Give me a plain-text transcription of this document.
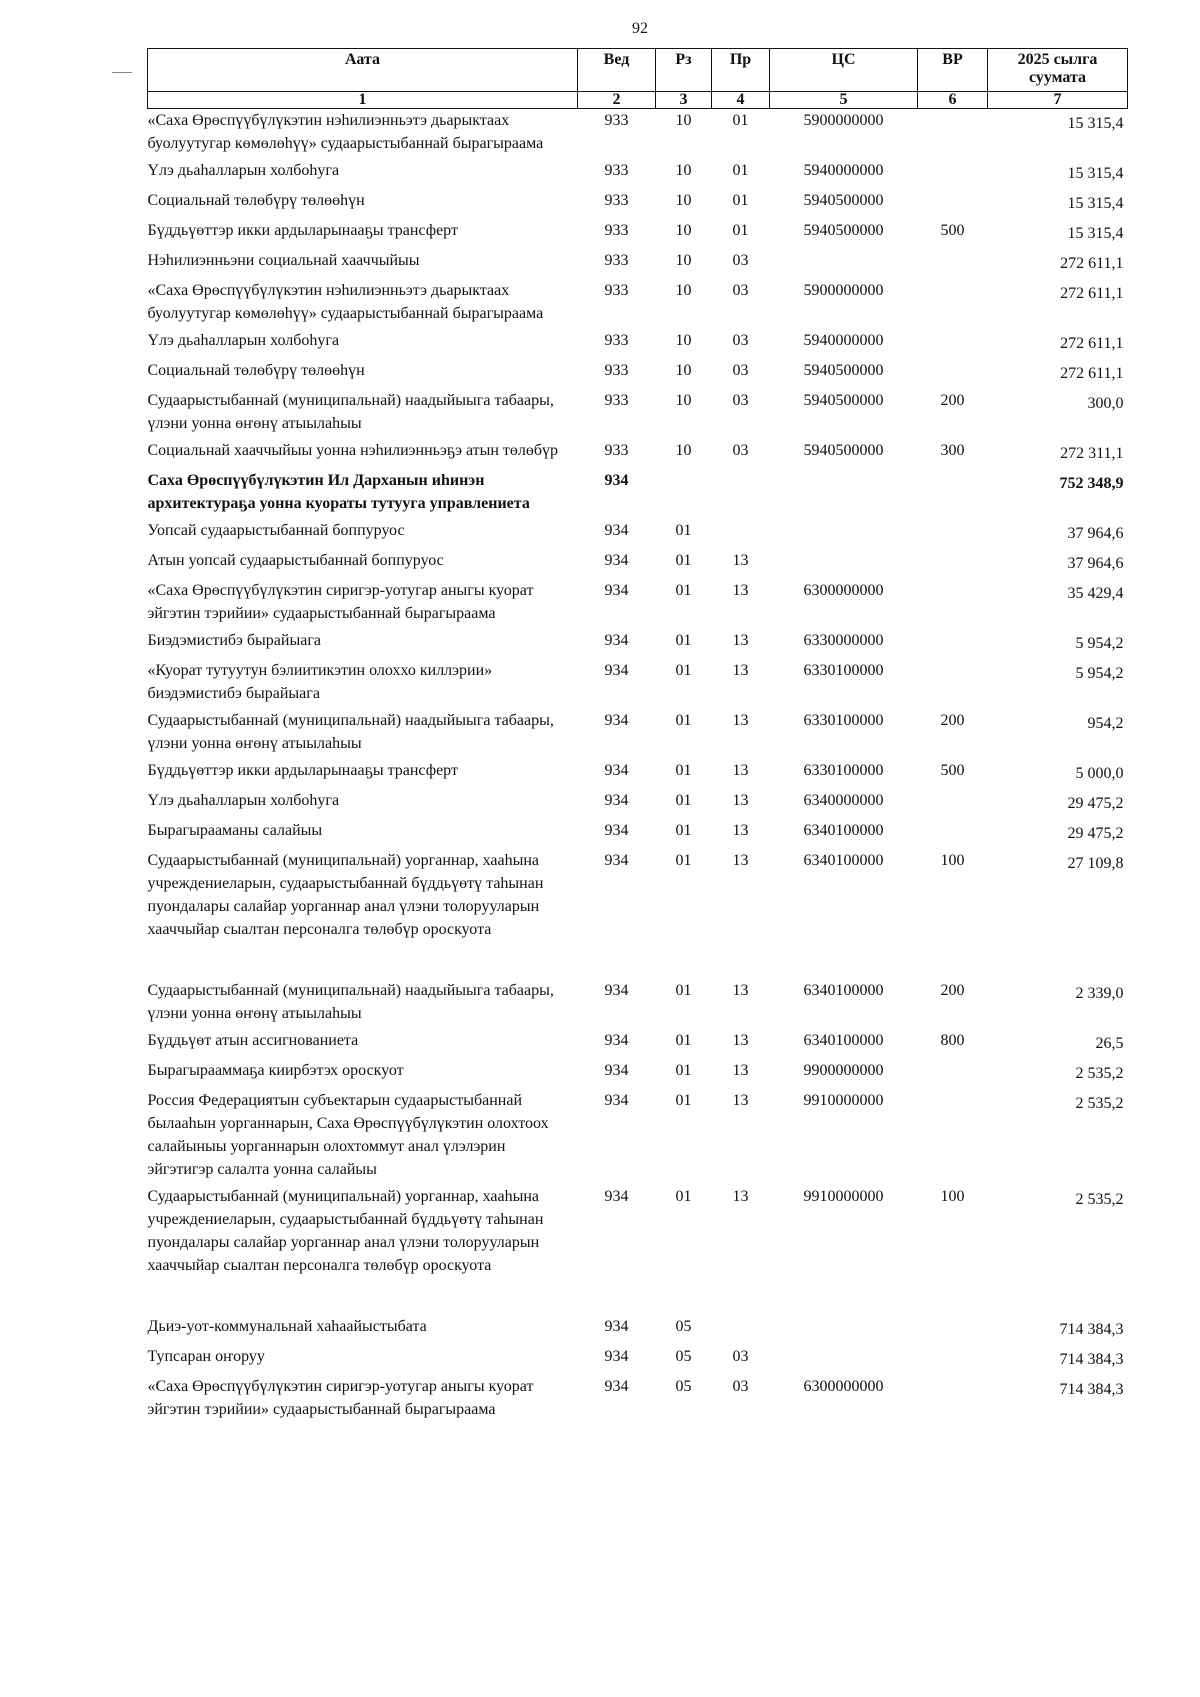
92
Аата	Вед	Рз	Пр	ЦС	ВР	2025 сылга суумата
1	2	3	4	5	6	7
«Саха Өрөспүүбүлүкэтин нэһилиэнньэтэ дьарыктаах буолуутугар көмөлөһүү» судаарыстыбаннай бырагыраама	933	10	01	5900000000		15 315,4
Үлэ дьаһалларын холбоһуга	933	10	01	5940000000		15 315,4
Социальнай төлөбүрү төлөөһүн	933	10	01	5940500000		15 315,4
Бүддьүөттэр икки ардыларынааҕы трансферт	933	10	01	5940500000	500	15 315,4
Нэһилиэнньэни социальнай хааччыйыы	933	10	03			272 611,1
«Саха Өрөспүүбүлүкэтин нэһилиэнньэтэ дьарыктаах буолуутугар көмөлөһүү» судаарыстыбаннай бырагыраама	933	10	03	5900000000		272 611,1
Үлэ дьаһалларын холбоһуга	933	10	03	5940000000		272 611,1
Социальнай төлөбүрү төлөөһүн	933	10	03	5940500000		272 611,1
Судаарыстыбаннай (муниципальнай) наадыйыыга табаары, үлэни уонна өҥөнү атыылаһыы	933	10	03	5940500000	200	300,0
Социальнай хааччыйыы уонна нэһилиэнньэҕэ атын төлөбүр	933	10	03	5940500000	300	272 311,1
Саха Өрөспүүбүлүкэтин Ил Дарханын иһинэн архитектураҕа уонна куораты тутууга управлениета	934					752 348,9
Уопсай судаарыстыбаннай боппуруос	934	01				37 964,6
Атын уопсай судаарыстыбаннай боппуруос	934	01	13			37 964,6
«Саха Өрөспүүбүлүкэтин сиригэр-уотугар аныгы куорат эйгэтин тэрийии» судаарыстыбаннай бырагыраама	934	01	13	6300000000		35 429,4
Биэдэмистибэ бырайыага	934	01	13	6330000000		5 954,2
«Куорат тутуутун бэлиитикэтин олоххо киллэрии» биэдэмистибэ бырайыага	934	01	13	6330100000		5 954,2
Судаарыстыбаннай (муниципальнай) наадыйыыга табаары, үлэни уонна өҥөнү атыылаһыы	934	01	13	6330100000	200	954,2
Бүддьүөттэр икки ардыларынааҕы трансферт	934	01	13	6330100000	500	5 000,0
Үлэ дьаһалларын холбоһуга	934	01	13	6340000000		29 475,2
Бырагырааманы салайыы	934	01	13	6340100000		29 475,2
Судаарыстыбаннай (муниципальнай) уорганнар, хааһына учреждениеларын, судаарыстыбаннай бүддьүөтү таһынан пуондалары салайар уорганнар анал үлэни толорууларын хааччыйар сыалтан персоналга төлөбүр ороскуота	934	01	13	6340100000	100	27 109,8
Судаарыстыбаннай (муниципальнай) наадыйыыга табаары, үлэни уонна өҥөнү атыылаһыы	934	01	13	6340100000	200	2 339,0
Бүддьүөт атын ассигнованиета	934	01	13	6340100000	800	26,5
Бырагырааммаҕа киирбэтэх ороскуот	934	01	13	9900000000		2 535,2
Россия Федерациятын субъектарын судаарыстыбаннай былааһын уорганнарын, Саха Өрөспүүбүлүкэтин олохтоох салайыныы уорганнарын олохтоммут анал үлэлэрин эйгэтигэр салалта уонна салайыы	934	01	13	9910000000		2 535,2
Судаарыстыбаннай (муниципальнай) уорганнар, хааһына учреждениеларын, судаарыстыбаннай бүддьүөтү таһынан пуондалары салайар уорганнар анал үлэни толорууларын хааччыйар сыалтан персоналга төлөбүр ороскуота	934	01	13	9910000000	100	2 535,2
Дьиэ-уот-коммунальнай хаһаайыстыбата	934	05				714 384,3
Тупсаран оҥоруу	934	05	03			714 384,3
«Саха Өрөспүүбүлүкэтин сиригэр-уотугар аныгы куорат эйгэтин тэрийии» судаарыстыбаннай бырагыраама	934	05	03	6300000000		714 384,3
